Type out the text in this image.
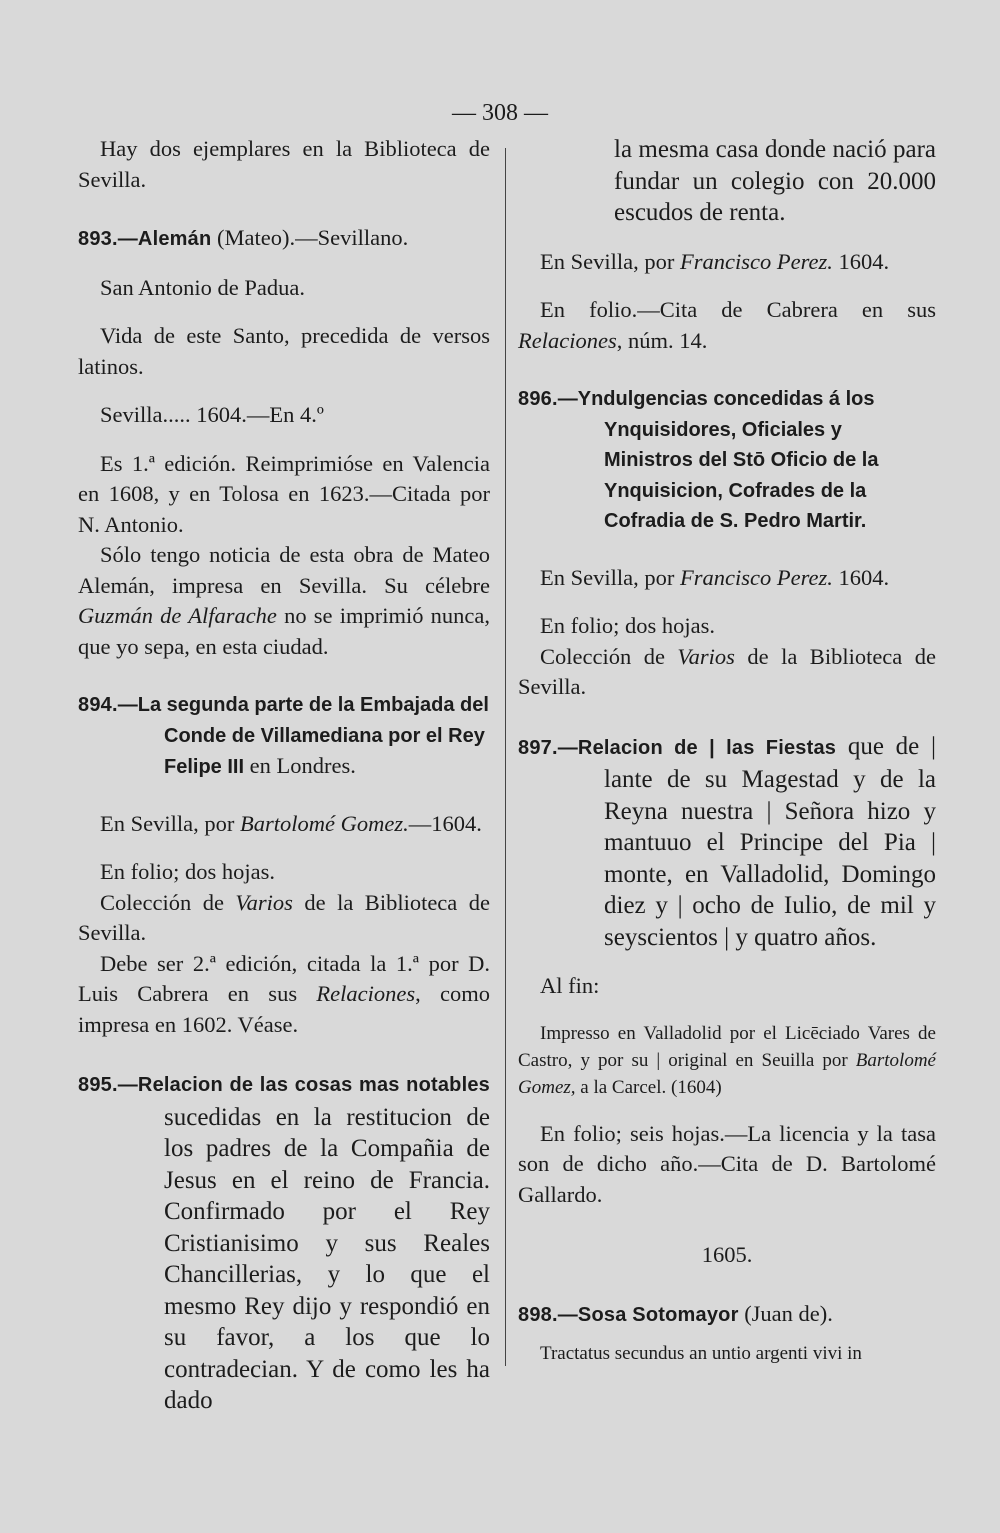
— 308 —

Hay dos ejemplares en la Biblioteca de Sevilla.

893.—Alemán (Mateo).—Sevillano.

San Antonio de Padua.

Vida de este Santo, precedida de versos latinos.

Sevilla..... 1604.—En 4.º

Es 1.ª edición. Reimprimióse en Valencia en 1608, y en Tolosa en 1623.—Citada por N. Antonio.

Sólo tengo noticia de esta obra de Mateo Alemán, impresa en Sevilla. Su célebre Guzmán de Alfarache no se imprimió nunca, que yo sepa, en esta ciudad.

894.—La segunda parte de la Embajada del Conde de Villamediana por el Rey Felipe III en Londres.

En Sevilla, por Bartolomé Gomez.—1604.

En folio; dos hojas.

Colección de Varios de la Biblioteca de Sevilla.

Debe ser 2.ª edición, citada la 1.ª por D. Luis Cabrera en sus Relaciones, como impresa en 1602. Véase.

895.—Relacion de las cosas mas notables sucedidas en la restitucion de los padres de la Compañia de Jesus en el reino de Francia. Confirmado por el Rey Cristianisimo y sus Reales Chancillerias, y lo que el mesmo Rey dijo y respondió en su favor, a los que lo contradecian. Y de como les ha dado

la mesma casa donde nació para fundar un colegio con 20.000 escudos de renta.

En Sevilla, por Francisco Perez. 1604.

En folio.—Cita de Cabrera en sus Relaciones, núm. 14.

896.—Yndulgencias concedidas á los Ynquisidores, Oficiales y Ministros del Stō Oficio de la Ynquisicion, Cofrades de la Cofradia de S. Pedro Martir.

En Sevilla, por Francisco Perez. 1604.

En folio; dos hojas.

Colección de Varios de la Biblioteca de Sevilla.

897.—Relacion de | las Fiestas que de | lante de su Magestad y de la Reyna nuestra | Señora hizo y mantuuo el Principe del Pia | monte, en Valladolid, Domingo diez y | ocho de Iulio, de mil y seyscientos | y quatro años.

Al fin:

Impresso en Valladolid por el Licēciado Vares de Castro, y por su | original en Seuilla por Bartolomé Gomez, a la Carcel. (1604)

En folio; seis hojas.—La licencia y la tasa son de dicho año.—Cita de D. Bartolomé Gallardo.

1605.

898.—Sosa Sotomayor (Juan de).

Tractatus secundus an untio argenti vivi in
